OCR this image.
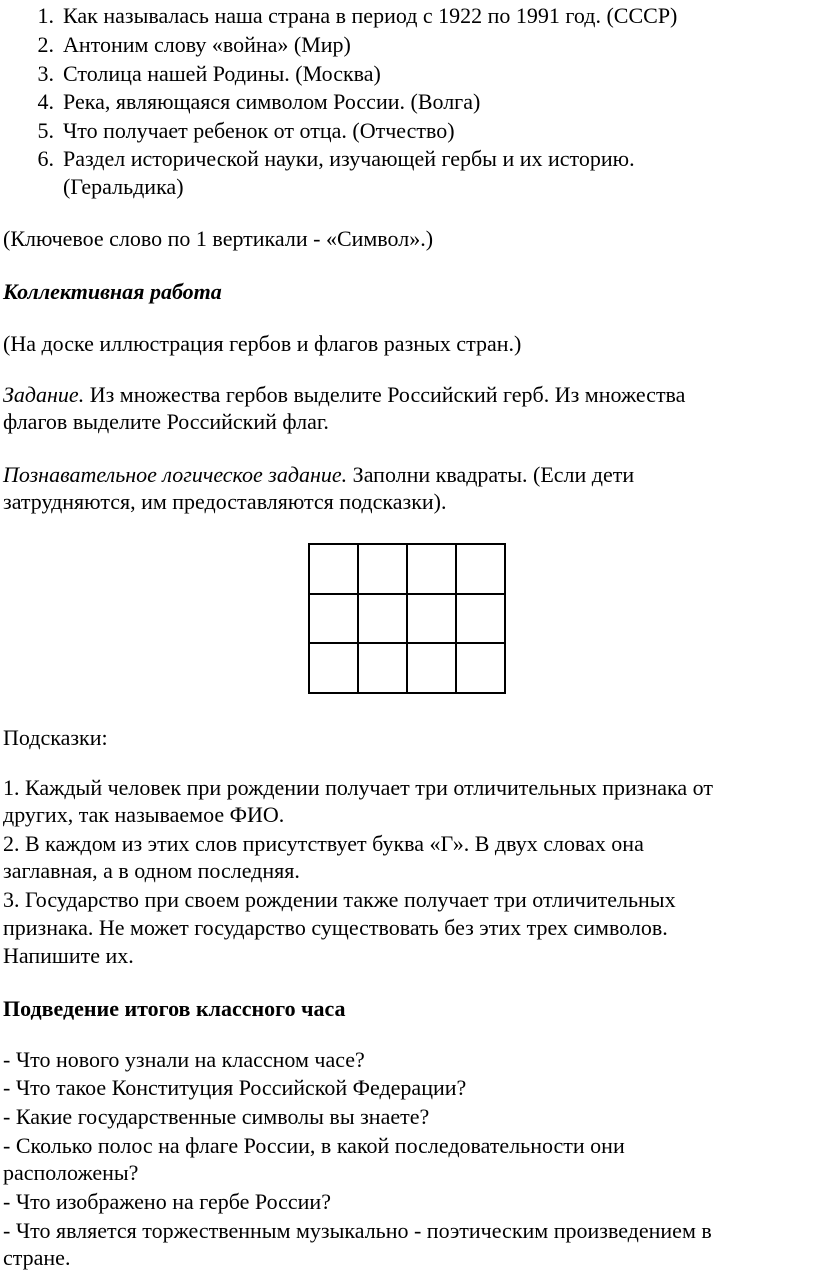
1. Как называлась наша страна в период с 1922 по 1991 год. (СССР)
2. Антоним слову «война» (Мир)
3. Столица нашей Родины. (Москва)
4. Река, являющаяся символом России. (Волга)
5. Что получает ребенок от отца. (Отчество)
6. Раздел исторической науки, изучающей гербы и их историю.
(Геральдика)
(Ключевое слово по 1 вертикали - «Символ».)
Коллективная работа
(На доске иллюстрация гербов и флагов разных стран.)
Задание. Из множества гербов выделите Российский герб. Из множества
флагов выделите Российский флаг.
Познавательное логическое задание. Заполни квадраты. (Если дети
затрудняются, им предоставляются подсказки).
Подсказки:
1. Каждый человек при рождении получает три отличительных признака от
других, так называемое ФИО.
2. В каждом из этих слов присутствует буква «Г». В двух словах она
заглавная, а в одном последняя.
3. Государство при своем рождении также получает три отличительных
признака. Не может государство существовать без этих трех символов.
Напишите их.
Подведение итогов классного часа
- Что нового узнали на классном часе?
- Что такое Конституция Российской Федерации?
- Какие государственные символы вы знаете?
- Сколько полос на флаге России, в какой последовательности они
расположены?
- Что изображено на гербе России?
- Что является торжественным музыкально - поэтическим произведением в
стране.
